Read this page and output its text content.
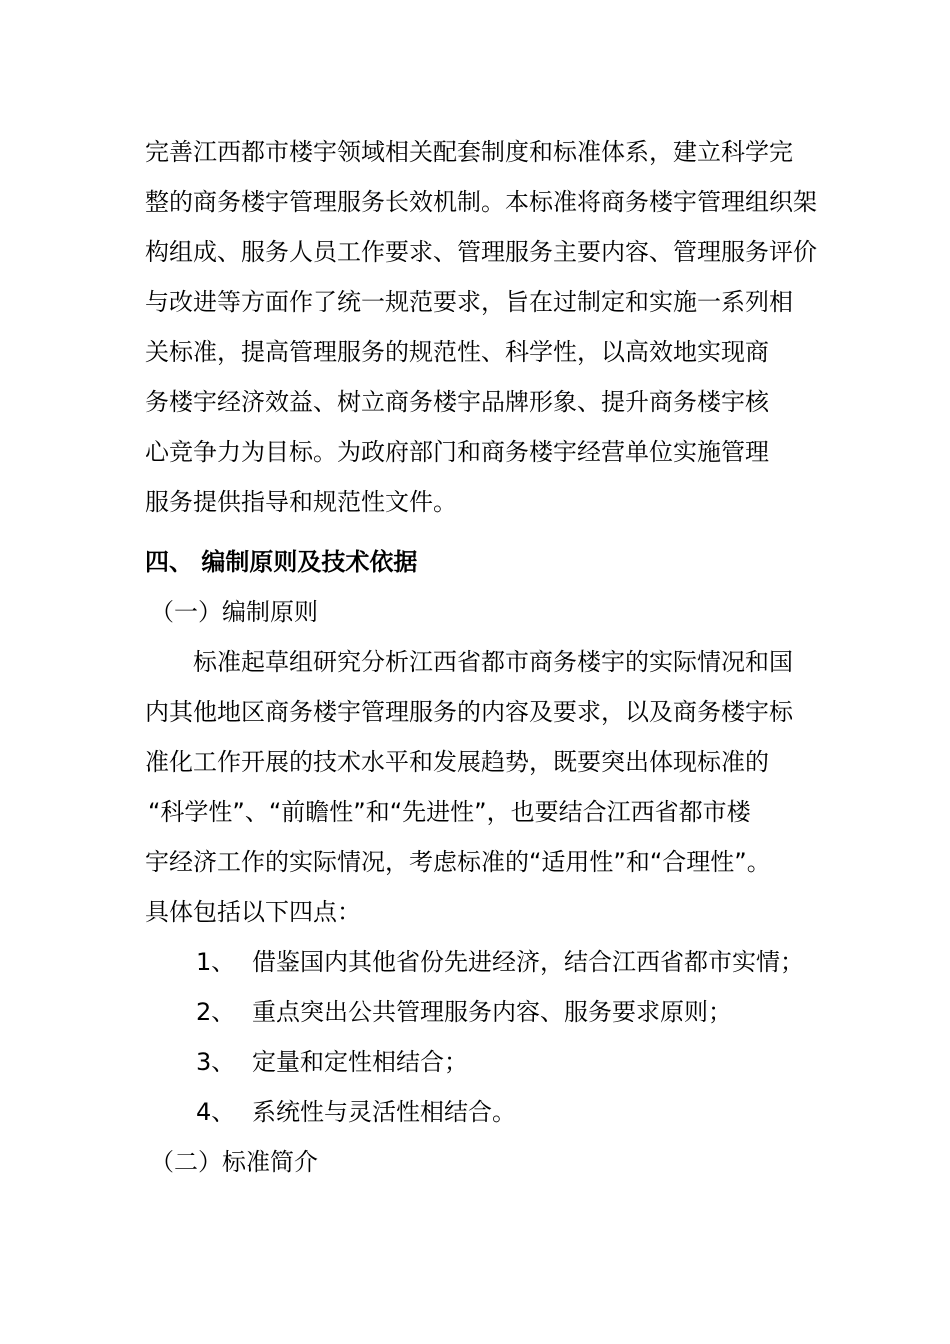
完善江西都市楼宇领域相关配套制度和标准体系，建立科学完
整的商务楼宇管理服务长效机制。本标准将商务楼宇管理组织架
构组成、服务人员工作要求、管理服务主要内容、管理服务评价
与改进等方面作了统一规范要求，旨在过制定和实施一系列相
关标准，提高管理服务的规范性、科学性，以高效地实现商
务楼宇经济效益、树立商务楼宇品牌形象、提升商务楼宇核
心竞争力为目标。为政府部门和商务楼宇经营单位实施管理
服务提供指导和规范性文件。
四、 编制原则及技术依据
（一）编制原则
标准起草组研究分析江西省都市商务楼宇的实际情况和国
内其他地区商务楼宇管理服务的内容及要求，以及商务楼宇标
准化工作开展的技术水平和发展趋势，既要突出体现标准的
“科学性”、“前瞻性”和“先进性”，也要结合江西省都市楼
宇经济工作的实际情况，考虑标准的“适用性”和“合理性”。
具体包括以下四点：
1、 借鉴国内其他省份先进经济，结合江西省都市实情；
2、 重点突出公共管理服务内容、服务要求原则；
3、 定量和定性相结合；
4、 系统性与灵活性相结合。
（二）标准简介
